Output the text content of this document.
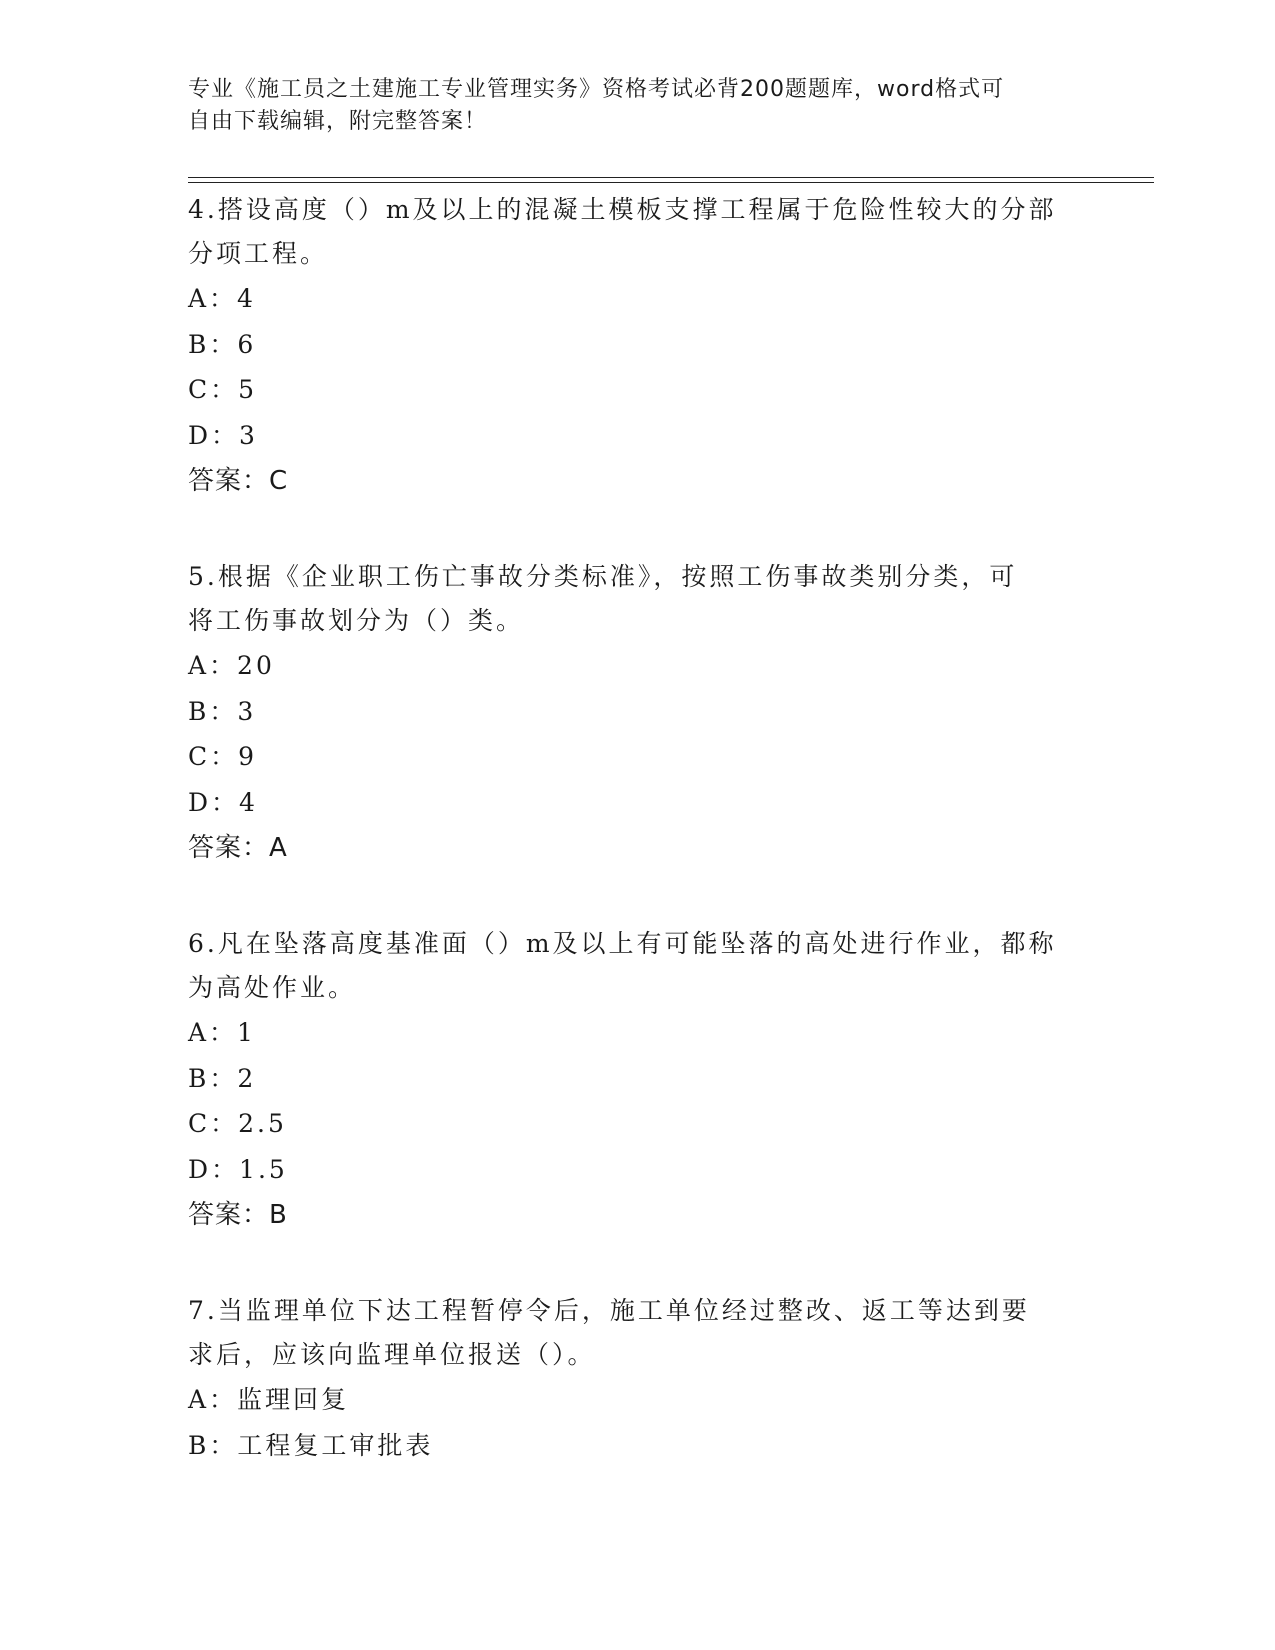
专业《施工员之土建施工专业管理实务》资格考试必背200题题库，word格式可
自由下载编辑，附完整答案！

4.搭设高度（）m及以上的混凝土模板支撑工程属于危险性较大的分部

分项工程。

A：4

B：6

C：5

D：3

答案：C

5.根据《企业职工伤亡事故分类标准》，按照工伤事故类别分类，可

将工伤事故划分为（）类。

A：20

B：3

C：9

D：4

答案：A

6.凡在坠落高度基准面（）m及以上有可能坠落的高处进行作业，都称

为高处作业。

A：1

B：2

C：2.5

D：1.5

答案：B

7.当监理单位下达工程暂停令后，施工单位经过整改、返工等达到要

求后，应该向监理单位报送（）。

A：监理回复

B：工程复工审批表
